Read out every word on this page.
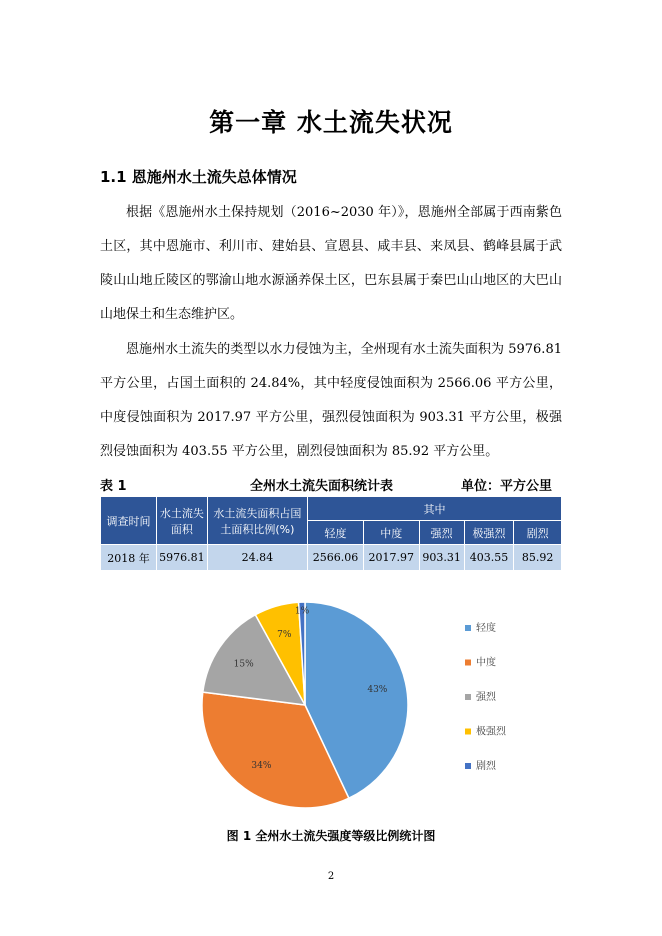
第一章 水土流失状况
1.1 恩施州水土流失总体情况
根据《恩施州水土保持规划（2016~2030 年）》，恩施州全部属于西南紫色土区，其中恩施市、利川市、建始县、宣恩县、咸丰县、来凤县、鹤峰县属于武陵山山地丘陵区的鄂渝山地水源涵养保土区，巴东县属于秦巴山山地区的大巴山山地保土和生态维护区。
恩施州水土流失的类型以水力侵蚀为主，全州现有水土流失面积为 5976.81 平方公里，占国土面积的 24.84%，其中轻度侵蚀面积为 2566.06 平方公里，中度侵蚀面积为 2017.97 平方公里，强烈侵蚀面积为 903.31 平方公里，极强烈侵蚀面积为 403.55 平方公里，剧烈侵蚀面积为 85.92 平方公里。
表 1	全州水土流失面积统计表	单位：平方公里
调查时间	水土流失面积	水土流失面积占国土面积比例(%)	其中				
			轻度	中度	强烈	极强烈	剧烈
2018 年	5976.81	24.84	2566.06	2017.97	903.31	403.55	85.92
43%
34%
15%
7%
1%
轻度
中度
强烈
极强烈
剧烈
图 1 全州水土流失强度等级比例统计图
2
